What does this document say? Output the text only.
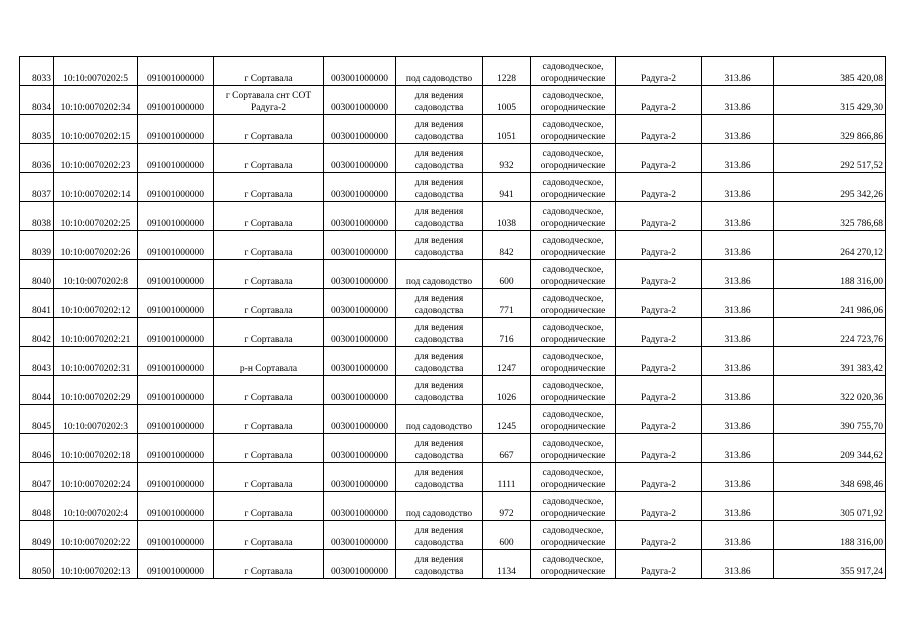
8033	10:10:0070202:5	091001000000	г Сортавала	003001000000	под садоводство	1228	садоводческое, огороднические	Радуга-2	313.86	385 420,08
8034	10:10:0070202:34	091001000000	г Сортавала снт СОТ Радуга-2	003001000000	для ведения садоводства	1005	садоводческое, огороднические	Радуга-2	313.86	315 429,30
8035	10:10:0070202:15	091001000000	г Сортавала	003001000000	для ведения садоводства	1051	садоводческое, огороднические	Радуга-2	313.86	329 866,86
8036	10:10:0070202:23	091001000000	г Сортавала	003001000000	для ведения садоводства	932	садоводческое, огороднические	Радуга-2	313.86	292 517,52
8037	10:10:0070202:14	091001000000	г Сортавала	003001000000	для ведения садоводства	941	садоводческое, огороднические	Радуга-2	313.86	295 342,26
8038	10:10:0070202:25	091001000000	г Сортавала	003001000000	для ведения садоводства	1038	садоводческое, огороднические	Радуга-2	313.86	325 786,68
8039	10:10:0070202:26	091001000000	г Сортавала	003001000000	для ведения садоводства	842	садоводческое, огороднические	Радуга-2	313.86	264 270,12
8040	10:10:0070202:8	091001000000	г Сортавала	003001000000	под садоводство	600	садоводческое, огороднические	Радуга-2	313.86	188 316,00
8041	10:10:0070202:12	091001000000	г Сортавала	003001000000	для ведения садоводства	771	садоводческое, огороднические	Радуга-2	313.86	241 986,06
8042	10:10:0070202:21	091001000000	г Сортавала	003001000000	для ведения садоводства	716	садоводческое, огороднические	Радуга-2	313.86	224 723,76
8043	10:10:0070202:31	091001000000	р-н Сортавала	003001000000	для ведения садоводства	1247	садоводческое, огороднические	Радуга-2	313.86	391 383,42
8044	10:10:0070202:29	091001000000	г Сортавала	003001000000	для ведения садоводства	1026	садоводческое, огороднические	Радуга-2	313.86	322 020,36
8045	10:10:0070202:3	091001000000	г Сортавала	003001000000	под садоводство	1245	садоводческое, огороднические	Радуга-2	313.86	390 755,70
8046	10:10:0070202:18	091001000000	г Сортавала	003001000000	для ведения садоводства	667	садоводческое, огороднические	Радуга-2	313.86	209 344,62
8047	10:10:0070202:24	091001000000	г Сортавала	003001000000	для ведения садоводства	1111	садоводческое, огороднические	Радуга-2	313.86	348 698,46
8048	10:10:0070202:4	091001000000	г Сортавала	003001000000	под садоводство	972	садоводческое, огороднические	Радуга-2	313.86	305 071,92
8049	10:10:0070202:22	091001000000	г Сортавала	003001000000	для ведения садоводства	600	садоводческое, огороднические	Радуга-2	313.86	188 316,00
8050	10:10:0070202:13	091001000000	г Сортавала	003001000000	для ведения садоводства	1134	садоводческое, огороднические	Радуга-2	313.86	355 917,24
